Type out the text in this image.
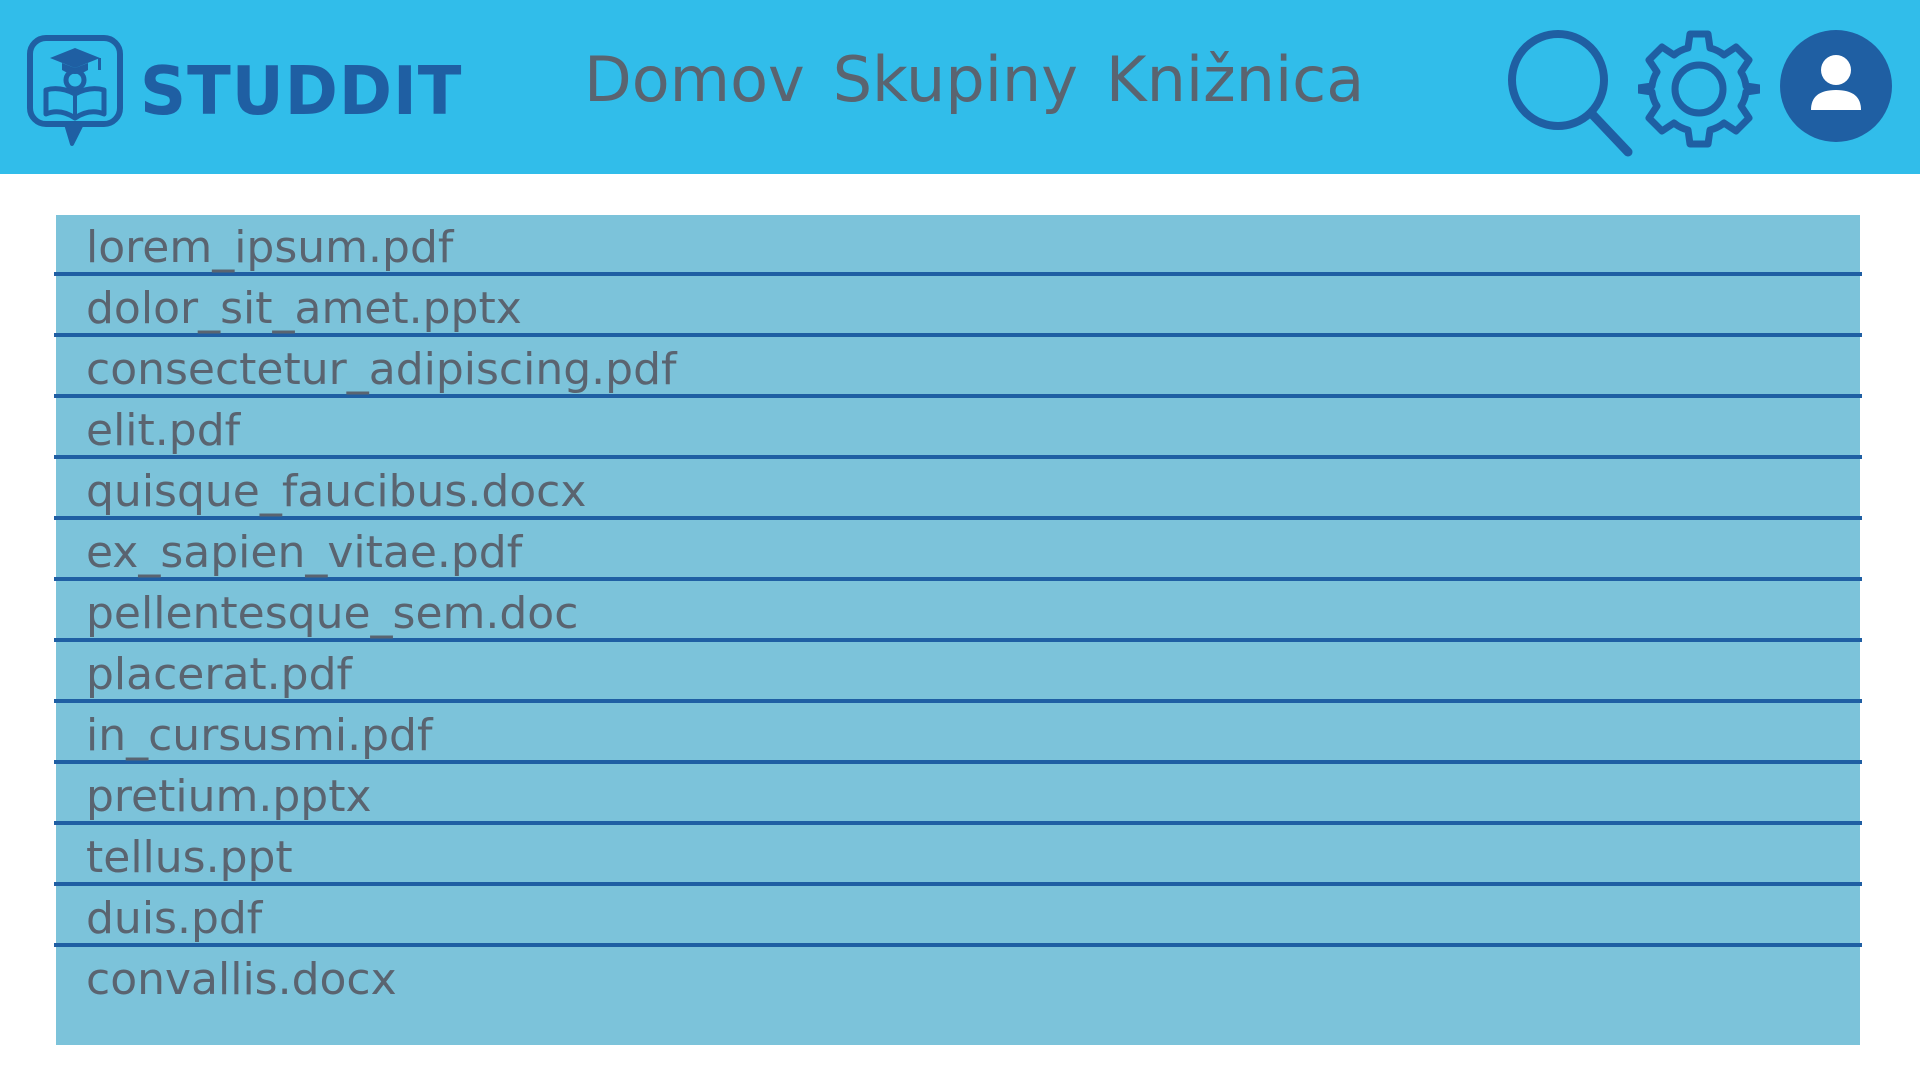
STUDDIT Domov Skupiny Knižnica
lorem_ipsum.pdf
dolor_sit_amet.pptx
consectetur_adipiscing.pdf
elit.pdf
quisque_faucibus.docx
ex_sapien_vitae.pdf
pellentesque_sem.doc
placerat.pdf
in_cursusmi.pdf
pretium.pptx
tellus.ppt
duis.pdf
convallis.docx
